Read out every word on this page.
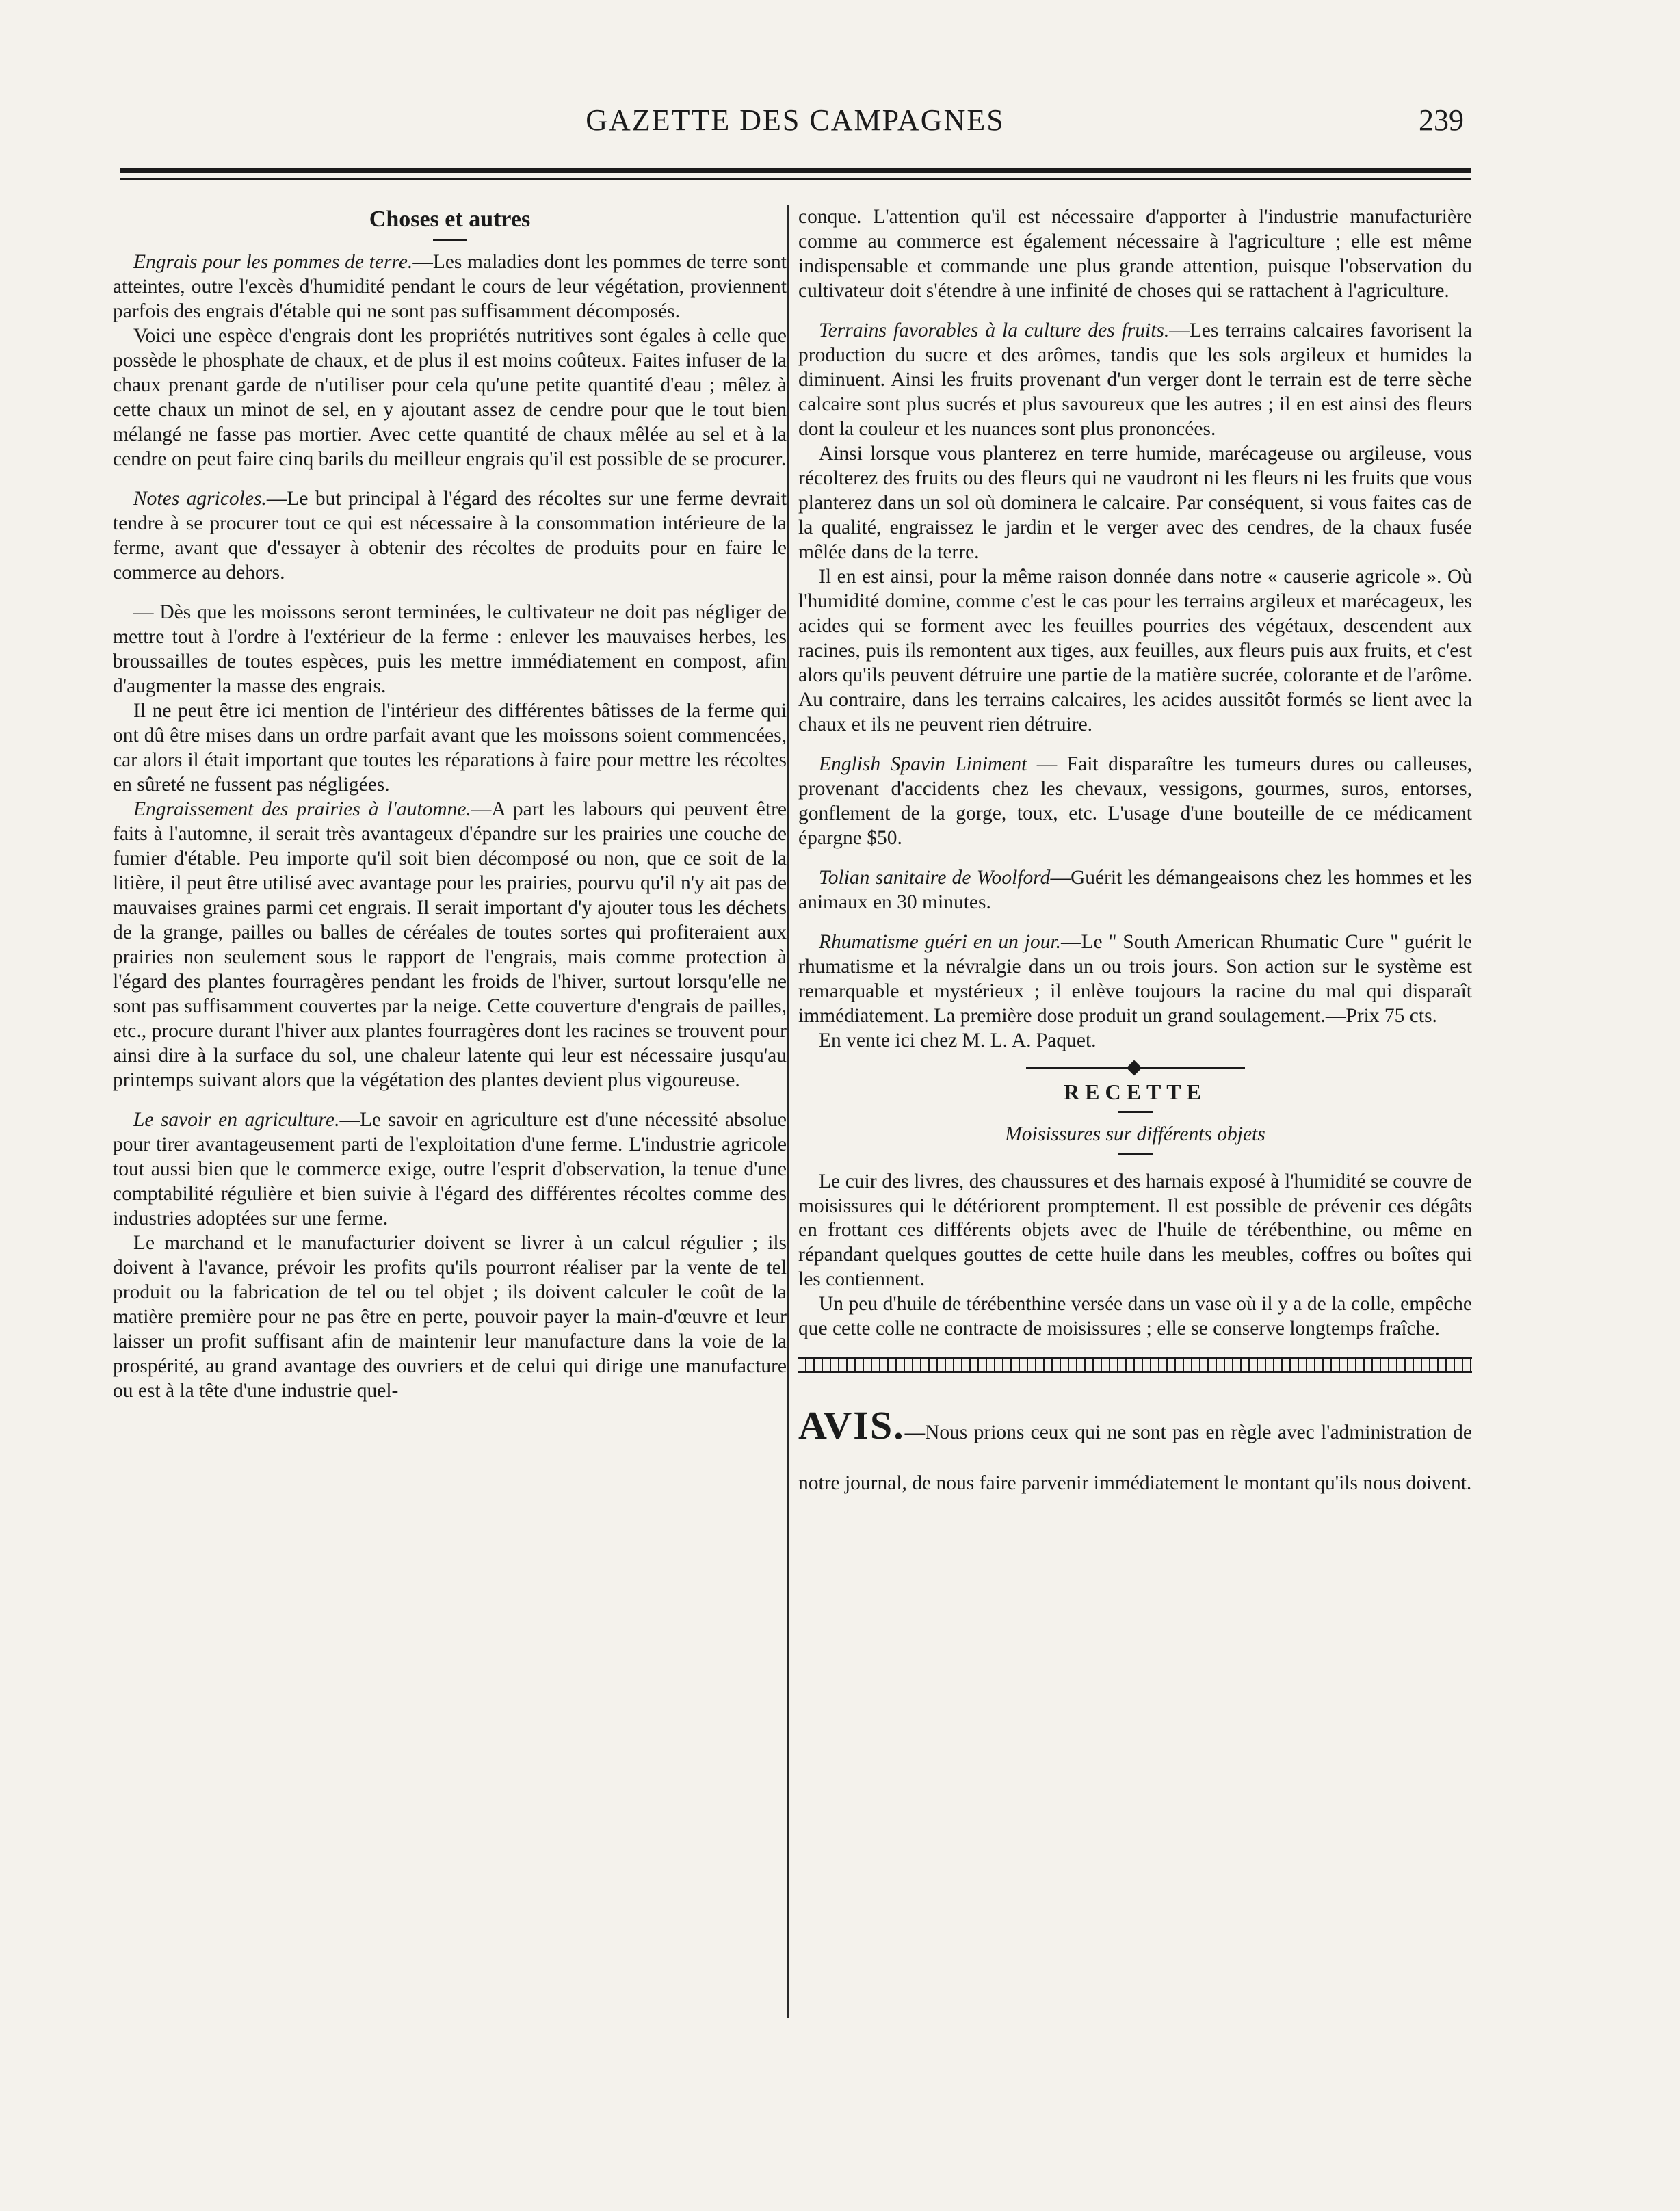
GAZETTE DES CAMPAGNES	239
Choses et autres

Engrais pour les pommes de terre.—Les maladies dont les pommes de terre sont atteintes, outre l'excès d'humidité pendant le cours de leur végétation, proviennent parfois des engrais d'étable qui ne sont pas suffisamment décomposés.

Voici une espèce d'engrais dont les propriétés nutritives sont égales à celle que possède le phosphate de chaux, et de plus il est moins coûteux. Faites infuser de la chaux prenant garde de n'utiliser pour cela qu'une petite quantité d'eau ; mêlez à cette chaux un minot de sel, en y ajoutant assez de cendre pour que le tout bien mélangé ne fasse pas mortier. Avec cette quantité de chaux mêlée au sel et à la cendre on peut faire cinq barils du meilleur engrais qu'il est possible de se procurer.

Notes agricoles.—Le but principal à l'égard des récoltes sur une ferme devrait tendre à se procurer tout ce qui est nécessaire à la consommation intérieure de la ferme, avant que d'essayer à obtenir des récoltes de produits pour en faire le commerce au dehors.

— Dès que les moissons seront terminées, le cultivateur ne doit pas négliger de mettre tout à l'ordre à l'extérieur de la ferme : enlever les mauvaises herbes, les broussailles de toutes espèces, puis les mettre immédiatement en compost, afin d'augmenter la masse des engrais.

Il ne peut être ici mention de l'intérieur des différentes bâtisses de la ferme qui ont dû être mises dans un ordre parfait avant que les moissons soient commencées, car alors il était important que toutes les réparations à faire pour mettre les récoltes en sûreté ne fussent pas négligées.

Engraissement des prairies à l'automne.—A part les labours qui peuvent être faits à l'automne, il serait très avantageux d'épandre sur les prairies une couche de fumier d'étable. Peu importe qu'il soit bien décomposé ou non, que ce soit de la litière, il peut être utilisé avec avantage pour les prairies, pourvu qu'il n'y ait pas de mauvaises graines parmi cet engrais. Il serait important d'y ajouter tous les déchets de la grange, pailles ou balles de céréales de toutes sortes qui profiteraient aux prairies non seulement sous le rapport de l'engrais, mais comme protection à l'égard des plantes fourragères pendant les froids de l'hiver, surtout lorsqu'elle ne sont pas suffisamment couvertes par la neige. Cette couverture d'engrais de pailles, etc., procure durant l'hiver aux plantes fourragères dont les racines se trouvent pour ainsi dire à la surface du sol, une chaleur latente qui leur est nécessaire jusqu'au printemps suivant alors que la végétation des plantes devient plus vigoureuse.

Le savoir en agriculture.—Le savoir en agriculture est d'une nécessité absolue pour tirer avantageusement parti de l'exploitation d'une ferme. L'industrie agricole tout aussi bien que le commerce exige, outre l'esprit d'observation, la tenue d'une comptabilité régulière et bien suivie à l'égard des différentes récoltes comme des industries adoptées sur une ferme.

Le marchand et le manufacturier doivent se livrer à un calcul régulier ; ils doivent à l'avance, prévoir les profits qu'ils pourront réaliser par la vente de tel produit ou la fabrication de tel ou tel objet ; ils doivent calculer le coût de la matière première pour ne pas être en perte, pouvoir payer la main-d'œuvre et leur laisser un profit suffisant afin de maintenir leur manufacture dans la voie de la prospérité, au grand avantage des ouvriers et de celui qui dirige une manufacture ou est à la tête d'une industrie quel-

conque. L'attention qu'il est nécessaire d'apporter à l'industrie manufacturière comme au commerce est également nécessaire à l'agriculture ; elle est même indispensable et commande une plus grande attention, puisque l'observation du cultivateur doit s'étendre à une infinité de choses qui se rattachent à l'agriculture.

Terrains favorables à la culture des fruits.—Les terrains calcaires favorisent la production du sucre et des arômes, tandis que les sols argileux et humides la diminuent. Ainsi les fruits provenant d'un verger dont le terrain est de terre sèche calcaire sont plus sucrés et plus savoureux que les autres ; il en est ainsi des fleurs dont la couleur et les nuances sont plus prononcées.

Ainsi lorsque vous planterez en terre humide, marécageuse ou argileuse, vous récolterez des fruits ou des fleurs qui ne vaudront ni les fleurs ni les fruits que vous planterez dans un sol où dominera le calcaire. Par conséquent, si vous faites cas de la qualité, engraissez le jardin et le verger avec des cendres, de la chaux fusée mêlée dans de la terre.

Il en est ainsi, pour la même raison donnée dans notre « causerie agricole ». Où l'humidité domine, comme c'est le cas pour les terrains argileux et marécageux, les acides qui se forment avec les feuilles pourries des végétaux, descendent aux racines, puis ils remontent aux tiges, aux feuilles, aux fleurs puis aux fruits, et c'est alors qu'ils peuvent détruire une partie de la matière sucrée, colorante et de l'arôme. Au contraire, dans les terrains calcaires, les acides aussitôt formés se lient avec la chaux et ils ne peuvent rien détruire.

English Spavin Liniment — Fait disparaître les tumeurs dures ou calleuses, provenant d'accidents chez les chevaux, vessigons, gourmes, suros, entorses, gonflement de la gorge, toux, etc. L'usage d'une bouteille de ce médicament épargne $50.

Tolian sanitaire de Woolford—Guérit les démangeaisons chez les hommes et les animaux en 30 minutes.

Rhumatisme guéri en un jour.—Le " South American Rhumatic Cure " guérit le rhumatisme et la névralgie dans un ou trois jours. Son action sur le système est remarquable et mystérieux ; il enlève toujours la racine du mal qui disparaît immédiatement. La première dose produit un grand soulagement.—Prix 75 cts.

En vente ici chez M. L. A. Paquet.

RECETTE
Moisissures sur différents objets

Le cuir des livres, des chaussures et des harnais exposé à l'humidité se couvre de moisissures qui le détériorent promptement. Il est possible de prévenir ces dégâts en frottant ces différents objets avec de l'huile de térébenthine, ou même en répandant quelques gouttes de cette huile dans les meubles, coffres ou boîtes qui les contiennent.

Un peu d'huile de térébenthine versée dans un vase où il y a de la colle, empêche que cette colle ne contracte de moisissures ; elle se conserve longtemps fraîche.

AVIS.—Nous prions ceux qui ne sont pas en règle avec l'administration de notre journal, de nous faire parvenir immédiatement le montant qu'ils nous doivent.
